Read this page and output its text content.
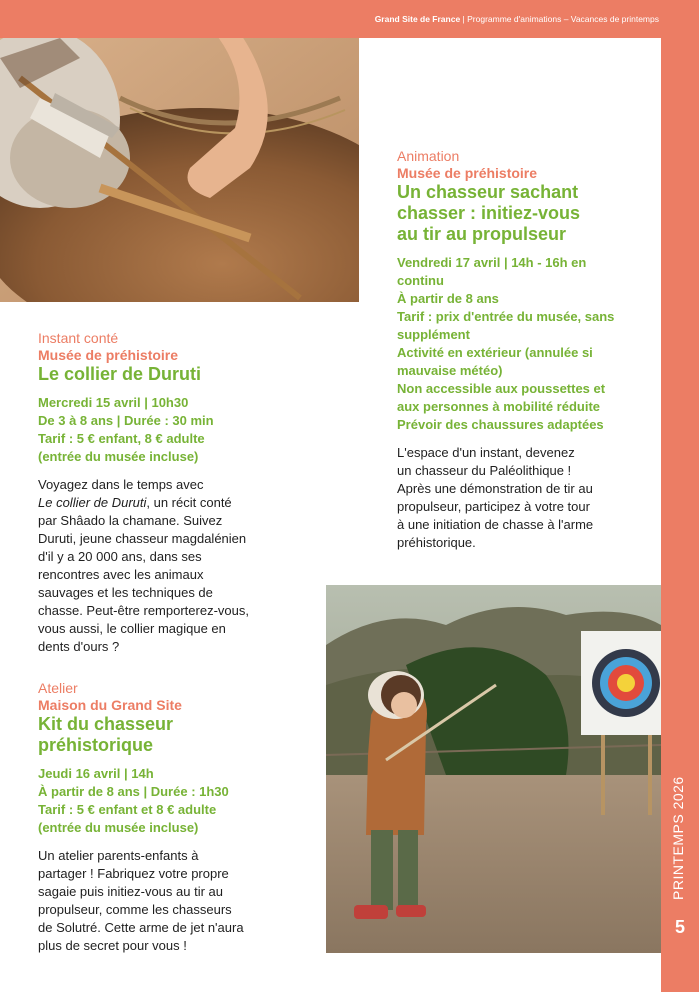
Grand Site de France | Programme d'animations – Vacances de printemps
PRINTEMPS 2026
5
Animation
Musée de préhistoire
Un chasseur sachant
chasser : initiez-vous
au tir au propulseur
Vendredi 17 avril | 14h - 16h en
continu
À partir de 8 ans
Tarif : prix d'entrée du musée, sans
supplément
Activité en extérieur (annulée si
mauvaise météo)
Non accessible aux poussettes et
aux personnes à mobilité réduite
Prévoir des chaussures adaptées
L'espace d'un instant, devenez
un chasseur du Paléolithique !
Après une démonstration de tir au
propulseur, participez à votre tour
à une initiation de chasse à l'arme
préhistorique.
Instant conté
Musée de préhistoire
Le collier de Duruti
Mercredi 15 avril | 10h30
De 3 à 8 ans | Durée : 30 min
Tarif : 5 € enfant, 8 € adulte
(entrée du musée incluse)
Voyagez dans le temps avec
Le collier de Duruti, un récit conté
par Shâado la chamane. Suivez
Duruti, jeune chasseur magdalénien
d'il y a 20 000 ans, dans ses
rencontres avec les animaux
sauvages et les techniques de
chasse. Peut-être remporterez-vous,
vous aussi, le collier magique en
dents d'ours ?
Atelier
Maison du Grand Site
Kit du chasseur
préhistorique
Jeudi 16 avril | 14h
À partir de 8 ans | Durée : 1h30
Tarif : 5 € enfant et 8 € adulte
(entrée du musée incluse)
Un atelier parents-enfants à
partager ! Fabriquez votre propre
sagaie puis initiez-vous au tir au
propulseur, comme les chasseurs
de Solutré. Cette arme de jet n'aura
plus de secret pour vous !
